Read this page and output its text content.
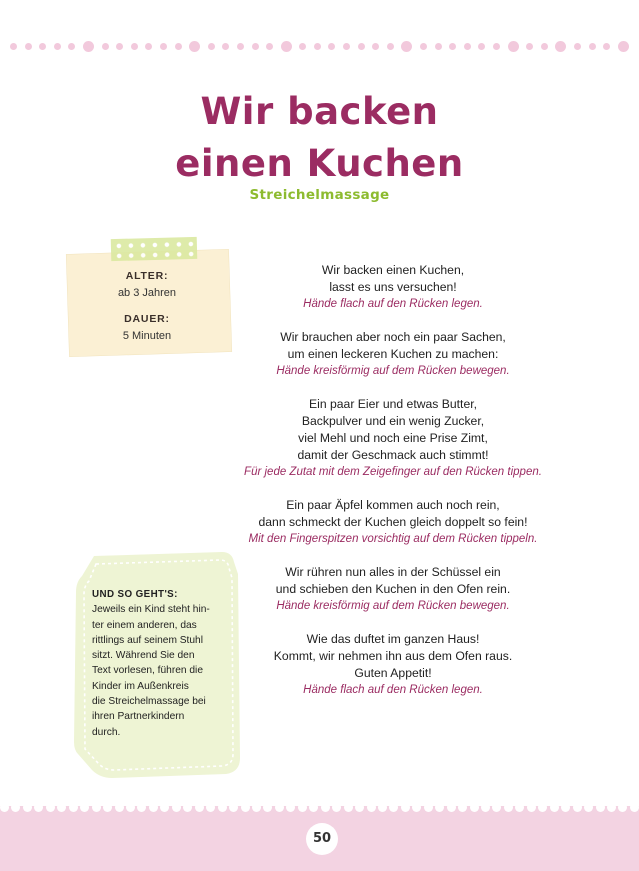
Wir backen
einen Kuchen
Streichelmassage
ALTER:
ab 3 Jahren
DAUER:
5 Minuten
UND SO GEHT'S:
Jeweils ein Kind steht hin-
ter einem anderen, das
rittlings auf seinem Stuhl
sitzt. Während Sie den
Text vorlesen, führen die
Kinder im Außenkreis
die Streichelmassage bei
ihren Partnerkindern
durch.
Wir backen einen Kuchen,
lasst es uns versuchen!
Hände flach auf den Rücken legen.
Wir brauchen aber noch ein paar Sachen,
um einen leckeren Kuchen zu machen:
Hände kreisförmig auf dem Rücken bewegen.
Ein paar Eier und etwas Butter,
Backpulver und ein wenig Zucker,
viel Mehl und noch eine Prise Zimt,
damit der Geschmack auch stimmt!
Für jede Zutat mit dem Zeigefinger auf den Rücken tippen.
Ein paar Äpfel kommen auch noch rein,
dann schmeckt der Kuchen gleich doppelt so fein!
Mit den Fingerspitzen vorsichtig auf dem Rücken tippeln.
Wir rühren nun alles in der Schüssel ein
und schieben den Kuchen in den Ofen rein.
Hände kreisförmig auf dem Rücken bewegen.
Wie das duftet im ganzen Haus!
Kommt, wir nehmen ihn aus dem Ofen raus.
Guten Appetit!
Hände flach auf den Rücken legen.
50
